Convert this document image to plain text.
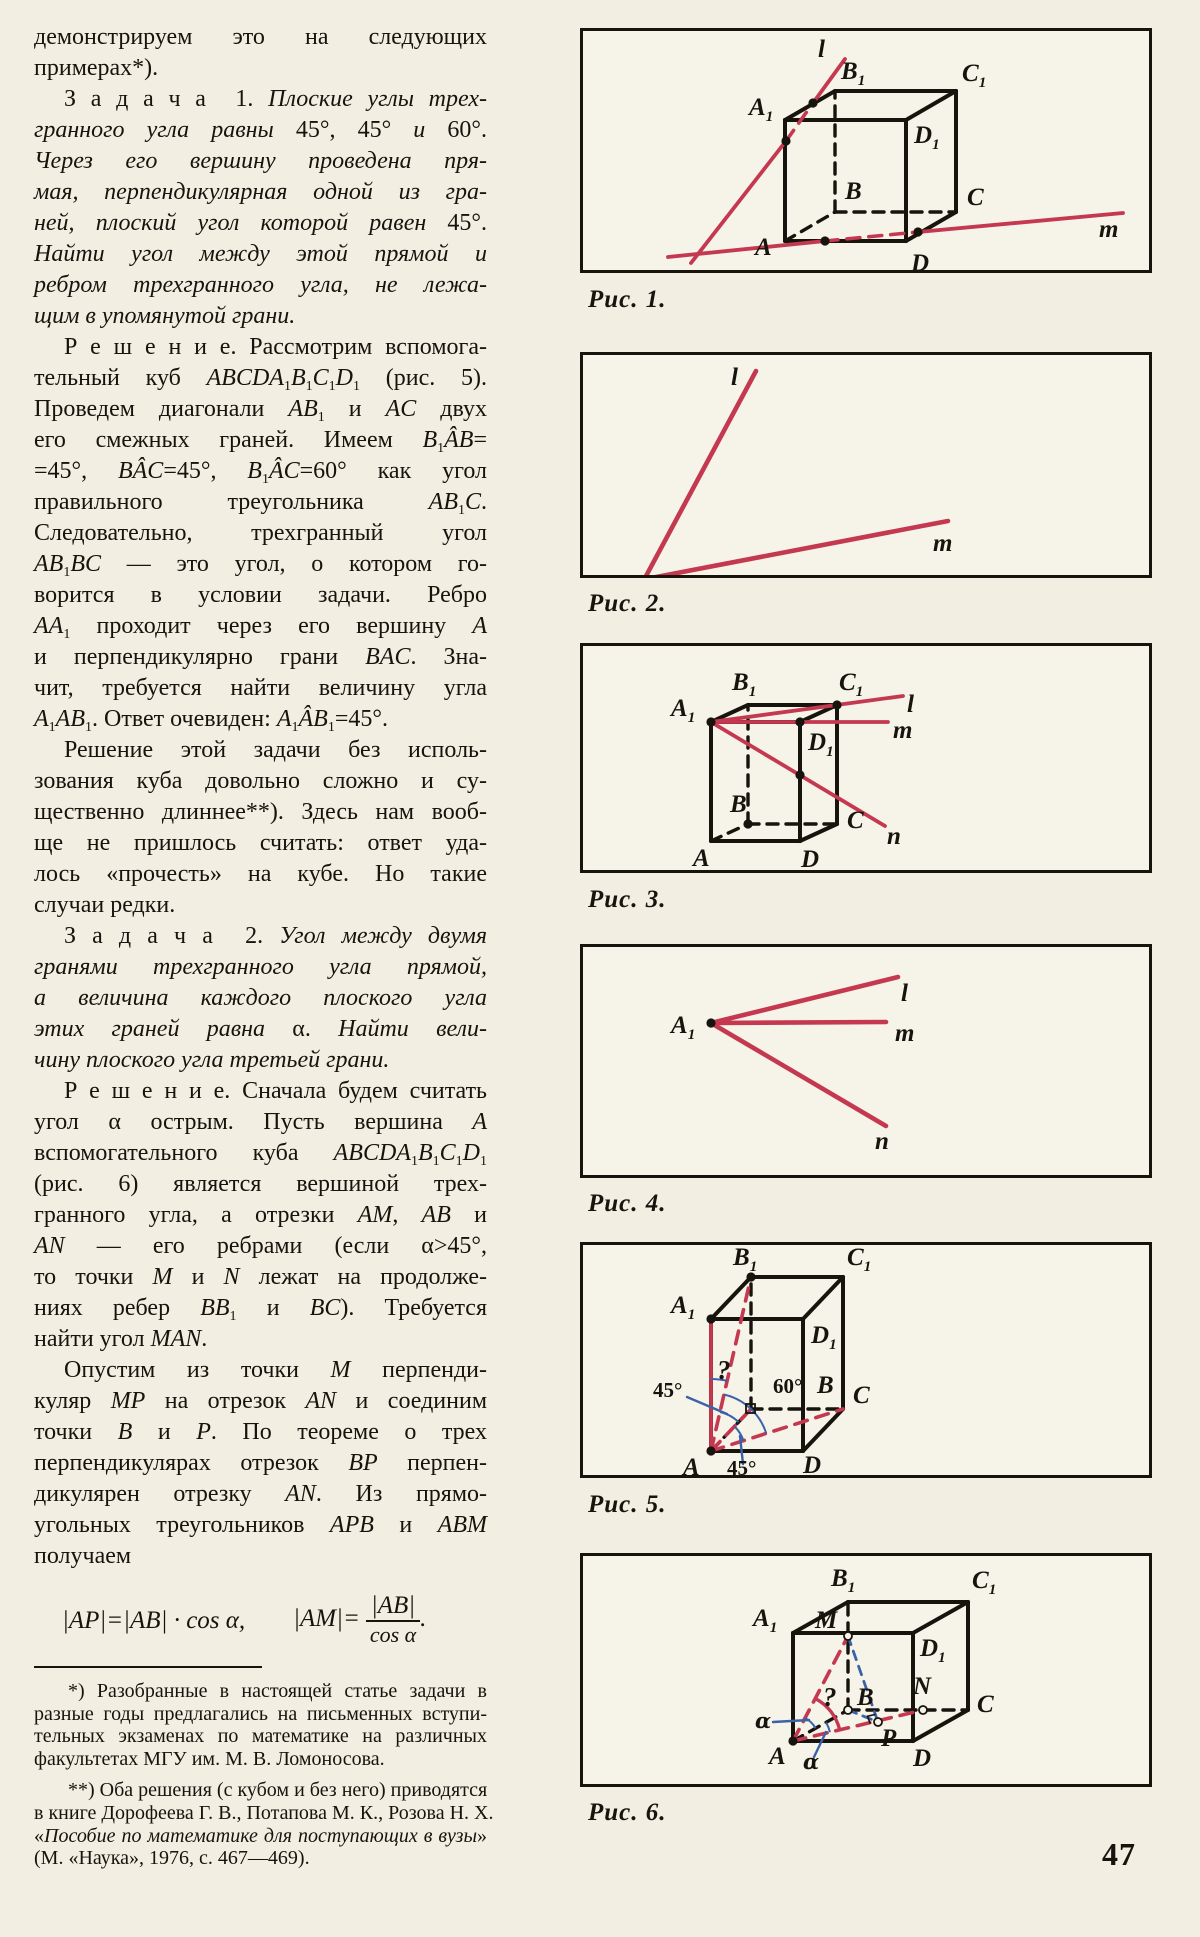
демонстрируем это на следующих
примерах*).
З а д а ч а  1. Плоские углы трех-
гранного угла равны 45°, 45° и 60°.
Через его вершину проведена пря-
мая, перпендикулярная одной из гра-
ней, плоский угол которой равен 45°.
Найти угол между этой прямой и
ребром трехгранного угла, не лежа-
щим в упомянутой грани.
Р е ш е н и е. Рассмотрим вспомога-
тельный куб $ABCDA_1B_1C_1D_1$ (рис. 5).
Проведем диагонали $AB_1$ и AC двух
его смежных граней. Имеем $B_1ÂB=$
=45°, BÂC=45°, $B_1ÂC=60^\circ$ как угол
правильного треугольника $AB_1C$.
Следовательно, трехгранный угол
$AB_1BC$ — это угол, о котором го-
ворится в условии задачи. Ребро
$AA_1$ проходит через его вершину A
и перпендикулярно грани BAC. Зна-
чит, требуется найти величину угла
$A_1AB_1$. Ответ очевиден: $A_1ÂB_1=45^\circ$.
Решение этой задачи без исполь-
зования куба довольно сложно и су-
щественно длиннее**). Здесь нам вооб-
ще не пришлось считать: ответ уда-
лось «прочесть» на кубе. Но такие
случаи редки.
З а д а ч а  2. Угол между двумя
гранями трехгранного угла прямой,
а величина каждого плоского угла
этих граней равна α. Найти вели-
чину плоского угла третьей грани.
Р е ш е н и е. Сначала будем считать
угол α острым. Пусть вершина A
вспомогательного куба $ABCDA_1B_1C_1D_1$
(рис. 6) является вершиной трех-
гранного угла, а отрезки AM, AB и
AN — его ребрами (если α>45°,
то точки M и N лежат на продолже-
ниях ребер $BB_1$ и BC). Требуется
найти угол MAN.
Опустим из точки M перпенди-
куляр MP на отрезок AN и соединим
точки B и P. По теореме о трех
перпендикулярах отрезок BP перпен-
дикулярен отрезку AN. Из прямо-
угольных треугольников APB и ABM
получаем
|AP|=|AB| · cos α, $|AM|= \frac{|AB|}{\text{cos α}}$ .
*) Разобранные в настоящей статье задачи в
разные годы предлагались на письменных вступи-
тельных экзаменах по математике на различных
факультетах МГУ им. М. В. Ломоносова.
**) Оба решения (с кубом и без него) приводятся
в книге Дорофеева Г. В., Потапова М. К., Розова Н. Х.
«Пособие по математике для поступающих в вузы»
(М. «Наука», 1976, с. 467—469).
l
$B_1$	$C_1$
$A_1$
$D_1$
B	C
A
D
m
l
m
$B_1$	$C_1$
$A_1$
$D_1$
B
C
A	D
l
m
n
$A_1$
l
m
n
$B_1$	$C_1$
$A_1$
$D_1$
B C
A	D
?
45°	60°
45°
M
$B_1$	$C_1$
$A_1$
$D_1$
N
B	C
A	D
P
?
α
α
Рис. 1.
Рис. 2.
Рис. 3.
Рис. 4.
Рис. 5.
Рис. 6.
47
